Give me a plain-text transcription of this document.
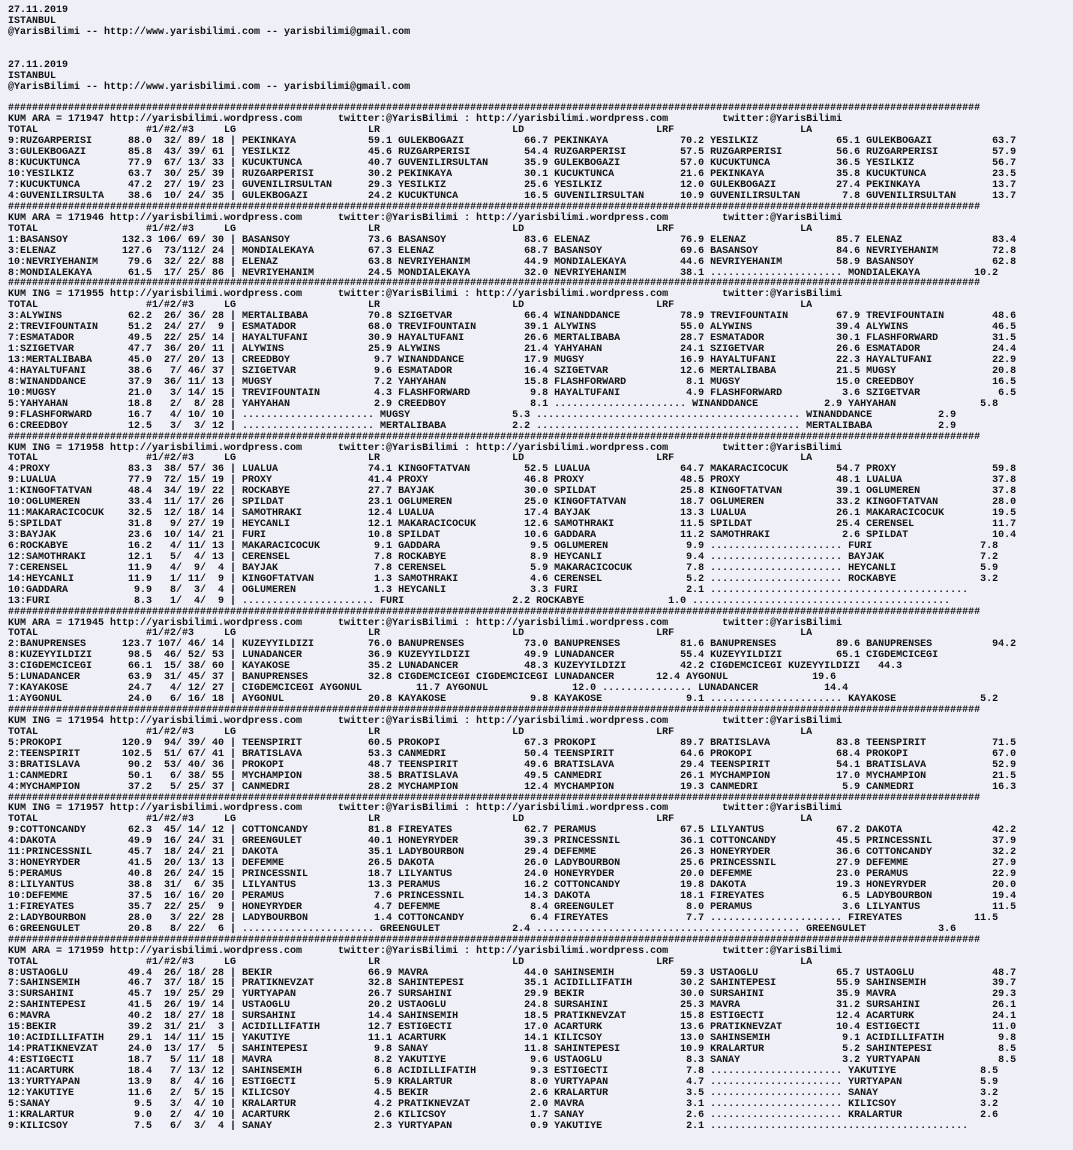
27.11.2019
ISTANBUL
@YarisBilimi -- http://www.yarisbilimi.com -- yarisbilimi@gmail.com
27.11.2019
ISTANBUL
@YarisBilimi -- http://www.yarisbilimi.com -- yarisbilimi@gmail.com
##################################################################################################################################################################
KUM ARA = 171947 http://yarisbilimi.wordpress.com      twitter:@YarisBilimi : http://yarisbilimi.wordpress.com         twitter:@YarisBilimi
TOTAL                  #1/#2/#3     LG                      LR                      LD                      LRF                     LA
9:RUZGARPERISI      88.0  32/ 89/ 18 | PEKINKAYA            59.1 GULEKBOGAZI          66.7 PEKINKAYA            70.2 YESILKIZ             65.1 GULEKBOGAZI          63.7
3:GULEKBOGAZI       85.8  43/ 39/ 61 | YESILKIZ             45.6 RUZGARPERISI         54.4 RUZGARPERISI         57.5 RUZGARPERISI         56.6 RUZGARPERISI         57.9
8:KUCUKTUNCA        77.9  67/ 13/ 33 | KUCUKTUNCA           40.7 GUVENILIRSULTAN      35.9 GULEKBOGAZI          57.0 KUCUKTUNCA           36.5 YESILKIZ             56.7
10:YESILKIZ         63.7  30/ 25/ 39 | RUZGARPERISI         30.2 PEKINKAYA            30.1 KUCUKTUNCA           21.6 PEKINKAYA            35.8 KUCUKTUNCA           23.5
7:KUCUKTUNCA        47.2  27/ 19/ 23 | GUVENILIRSULTAN      29.3 YESILKIZ             25.6 YESILKIZ             12.0 GULEKBOGAZI          27.4 PEKINKAYA            13.7
4:GUVENILIRSULTA    38.6  10/ 24/ 35 | GULEKBOGAZI          24.2 KUCUKTUNCA           16.5 GUVENILIRSULTAN      10.9 GUVENILIRSULTAN       7.8 GUVENILIRSULTAN      13.7
##################################################################################################################################################################
KUM ARA = 171946 http://yarisbilimi.wordpress.com      twitter:@YarisBilimi : http://yarisbilimi.wordpress.com         twitter:@YarisBilimi
TOTAL                  #1/#2/#3     LG                      LR                      LD                      LRF                     LA
1:BASANSOY         132.3 106/ 69/ 30 | BASANSOY             73.6 BASANSOY             83.6 ELENAZ               76.9 ELENAZ               85.7 ELENAZ               83.4
3:ELENAZ           127.6  73/112/ 24 | MONDIALEKAYA         67.3 ELENAZ               68.7 BASANSOY             69.6 BASANSOY             84.6 NEVRIYEHANIM         72.8
10:NEVRIYEHANIM     79.6  32/ 22/ 88 | ELENAZ               63.8 NEVRIYEHANIM         44.9 MONDIALEKAYA         44.6 NEVRIYEHANIM         58.9 BASANSOY             62.8
8:MONDIALEKAYA      61.5  17/ 25/ 86 | NEVRIYEHANIM         24.5 MONDIALEKAYA         32.0 NEVRIYEHANIM         38.1 ...................... MONDIALEKAYA         10.2
##################################################################################################################################################################
KUM ING = 171955 http://yarisbilimi.wordpress.com      twitter:@YarisBilimi : http://yarisbilimi.wordpress.com         twitter:@YarisBilimi
TOTAL                  #1/#2/#3     LG                      LR                      LD                      LRF                     LA
3:ALYWINS           62.2  26/ 36/ 28 | MERTALIBABA          70.8 SZIGETVAR            66.4 WINANDDANCE          78.9 TREVIFOUNTAIN        67.9 TREVIFOUNTAIN        48.6
2:TREVIFOUNTAIN     51.2  24/ 27/  9 | ESMATADOR            68.0 TREVIFOUNTAIN        39.1 ALYWINS              55.0 ALYWINS              39.4 ALYWINS              46.5
7:ESMATADOR         49.5  22/ 25/ 14 | HAYALTUFANI          30.9 HAYALTUFANI          26.6 MERTALIBABA          28.7 ESMATADOR            30.1 FLASHFORWARD         31.5
1:SZIGETVAR         47.7  36/ 20/ 11 | ALYWINS              25.9 ALYWINS              21.4 YAHYAHAN             24.1 SZIGETVAR            26.6 ESMATADOR            24.4
13:MERTALIBABA      45.0  27/ 20/ 13 | CREEDBOY              9.7 WINANDDANCE          17.9 MUGSY                16.9 HAYALTUFANI          22.3 HAYALTUFANI          22.9
4:HAYALTUFANI       38.6   7/ 46/ 37 | SZIGETVAR             9.6 ESMATADOR            16.4 SZIGETVAR            12.6 MERTALIBABA          21.5 MUGSY                20.8
8:WINANDDANCE       37.9  36/ 11/ 13 | MUGSY                 7.2 YAHYAHAN             15.8 FLASHFORWARD          8.1 MUGSY                15.0 CREEDBOY             16.5
10:MUGSY            21.0   3/ 14/ 15 | TREVIFOUNTAIN         4.3 FLASHFORWARD          9.8 HAYALTUFANI           4.9 FLASHFORWARD          3.6 SZIGETVAR             6.5
5:YAHYAHAN          18.8   2/  8/ 28 | YAHYAHAN              2.9 CREEDBOY              8.1 ...................... WINANDDANCE           2.9 YAHYAHAN              5.8
9:FLASHFORWARD      16.7   4/ 10/ 10 | ...................... MUGSY                 5.3 ............................................ WINANDDANCE           2.9
6:CREEDBOY          12.5   3/  3/ 12 | ...................... MERTALIBABA           2.2 ............................................ MERTALIBABA           2.9
##################################################################################################################################################################
KUM ING = 171958 http://yarisbilimi.wordpress.com      twitter:@YarisBilimi : http://yarisbilimi.wordpress.com         twitter:@YarisBilimi
TOTAL                  #1/#2/#3     LG                      LR                      LD                      LRF                     LA
4:PROXY             83.3  38/ 57/ 36 | LUALUA               74.1 KINGOFTATVAN         52.5 LUALUA               64.7 MAKARACICOCUK        54.7 PROXY                59.8
9:LUALUA            77.9  72/ 15/ 19 | PROXY                41.4 PROXY                46.8 PROXY                48.5 PROXY                48.1 LUALUA               37.8
1:KINGOFTATVAN      48.4  34/ 19/ 22 | ROCKABYE             27.7 BAYJAK               30.0 SPILDAT              25.8 KINGOFTATVAN         39.1 OGLUMEREN            37.8
10:OGLUMEREN        33.4  11/ 17/ 26 | SPILDAT              23.1 OGLUMEREN            25.0 KINGOFTATVAN         18.7 OGLUMEREN            33.2 KINGOFTATVAN         28.0
11:MAKARACICOCUK    32.5  12/ 18/ 14 | SAMOTHRAKI           12.4 LUALUA               17.4 BAYJAK               13.3 LUALUA               26.1 MAKARACICOCUK        19.5
5:SPILDAT           31.8   9/ 27/ 19 | HEYCANLI             12.1 MAKARACICOCUK        12.6 SAMOTHRAKI           11.5 SPILDAT              25.4 CERENSEL             11.7
3:BAYJAK            23.6  10/ 14/ 21 | FURI                 10.8 SPILDAT              10.6 GADDARA              11.2 SAMOTHRAKI            2.6 SPILDAT              10.4
6:ROCKABYE          16.2   4/ 11/ 13 | MAKARACICOCUK         9.1 GADDARA               9.5 OGLUMEREN             9.9 ...................... FURI                  7.8
12:SAMOTHRAKI       12.1   5/  4/ 13 | CERENSEL              7.8 ROCKABYE              8.9 HEYCANLI              9.4 ...................... BAYJAK                7.2
7:CERENSEL          11.9   4/  9/  4 | BAYJAK                7.8 CERENSEL              5.9 MAKARACICOCUK         7.8 ...................... HEYCANLI              5.9
14:HEYCANLI         11.9   1/ 11/  9 | KINGOFTATVAN          1.3 SAMOTHRAKI            4.6 CERENSEL              5.2 ...................... ROCKABYE              3.2
10:GADDARA           9.9   8/  3/  4 | OGLUMEREN             1.3 HEYCANLI              3.3 FURI                  2.1 ...........................................
13:FURI              8.3   1/  4/  9 | ...................... FURI                  2.2 ROCKABYE              1.0 ...........................................
##################################################################################################################################################################
KUM ARA = 171945 http://yarisbilimi.wordpress.com      twitter:@YarisBilimi : http://yarisbilimi.wordpress.com         twitter:@YarisBilimi
TOTAL                  #1/#2/#3     LG                      LR                      LD                      LRF                     LA
2:BANUPRENSES      123.7 107/ 46/ 14 | KUZEYYILDIZI         76.0 BANUPRENSES          73.0 BANUPRENSES          81.6 BANUPRENSES          89.6 BANUPRENSES          94.2
8:KUZEYYILDIZI      98.5  46/ 52/ 53 | LUNADANCER           36.9 KUZEYYILDIZI         49.9 LUNADANCER           55.4 KUZEYYILDIZI         65.1 CIGDEMCICEGI
3:CIGDEMCICEGI      66.1  15/ 38/ 60 | KAYAKOSE             35.2 LUNADANCER           48.3 KUZEYYILDIZI         42.2 CIGDEMCICEGI KUZEYYILDIZI   44.3
5:LUNADANCER        63.9  31/ 45/ 37 | BANUPRENSES          32.8 CIGDEMCICEGI CIGDEMCICEGI LUNADANCER       12.4 AYGONUL              19.6
7:KAYAKOSE          24.7   4/ 12/ 27 | CIGDEMCICEGI AYGONUL         11.7 AYGONUL              12.0 ............... LUNADANCER           14.4
1:AYGONUL           24.0   6/ 16/ 18 | AYGONUL              20.8 KAYAKOSE              9.8 KAYAKOSE              9.1 ...................... KAYAKOSE              5.2
##################################################################################################################################################################
KUM ING = 171954 http://yarisbilimi.wordpress.com      twitter:@YarisBilimi : http://yarisbilimi.wordpress.com         twitter:@YarisBilimi
TOTAL                  #1/#2/#3     LG                      LR                      LD                      LRF                     LA
5:PROKOPI          120.9  94/ 39/ 40 | TEENSPIRIT           60.5 PROKOPI              67.3 PROKOPI              89.7 BRATISLAVA           83.8 TEENSPIRIT           71.5
2:TEENSPIRIT       102.5  51/ 67/ 41 | BRATISLAVA           53.3 CANMEDRI             50.4 TEENSPIRIT           64.6 PROKOPI              68.4 PROKOPI              67.0
3:BRATISLAVA        90.2  53/ 40/ 36 | PROKOPI              48.7 TEENSPIRIT           49.6 BRATISLAVA           29.4 TEENSPIRIT           54.1 BRATISLAVA           52.9
1:CANMEDRI          50.1   6/ 38/ 55 | MYCHAMPION           38.5 BRATISLAVA           49.5 CANMEDRI             26.1 MYCHAMPION           17.0 MYCHAMPION           21.5
4:MYCHAMPION        37.2   5/ 25/ 37 | CANMEDRI             28.2 MYCHAMPION           12.4 MYCHAMPION           19.3 CANMEDRI              5.9 CANMEDRI             16.3
##################################################################################################################################################################
KUM ING = 171957 http://yarisbilimi.wordpress.com      twitter:@YarisBilimi : http://yarisbilimi.wordpress.com         twitter:@YarisBilimi
TOTAL                  #1/#2/#3     LG                      LR                      LD                      LRF                     LA
9:COTTONCANDY       62.3  45/ 14/ 12 | COTTONCANDY          81.8 FIREYATES            62.7 PERAMUS              67.5 LILYANTUS            67.2 DAKOTA               42.2
4:DAKOTA            49.9  16/ 24/ 31 | GREENGULET           40.1 HONEYRYDER           39.3 PRINCESSNIL          36.1 COTTONCANDY          45.5 PRINCESSNIL          37.9
11:PRINCESSNIL      45.7  18/ 24/ 21 | DAKOTA               35.1 LADYBOURBON          29.4 DEFEMME              26.3 HONEYRYDER           36.6 COTTONCANDY          32.2
3:HONEYRYDER        41.5  20/ 13/ 13 | DEFEMME              26.5 DAKOTA               26.0 LADYBOURBON          25.6 PRINCESSNIL          27.9 DEFEMME              27.9
5:PERAMUS           40.8  26/ 24/ 15 | PRINCESSNIL          18.7 LILYANTUS            24.0 HONEYRYDER           20.0 DEFEMME              23.0 PERAMUS              22.9
8:LILYANTUS         38.8  31/  6/ 35 | LILYANTUS            13.3 PERAMUS              16.2 COTTONCANDY          19.8 DAKOTA               19.3 HONEYRYDER           20.0
10:DEFEMME          37.5  16/ 16/ 20 | PERAMUS               7.6 PRINCESSNIL          14.3 DAKOTA               18.1 FIREYATES             6.5 LADYBOURBON          19.4
1:FIREYATES         35.7  22/ 25/  9 | HONEYRYDER            4.7 DEFEMME               8.4 GREENGULET            8.0 PERAMUS               3.6 LILYANTUS            11.5
2:LADYBOURBON       28.0   3/ 22/ 28 | LADYBOURBON           1.4 COTTONCANDY           6.4 FIREYATES             7.7 ...................... FIREYATES            11.5
6:GREENGULET        20.8   8/ 22/  6 | ...................... GREENGULET            2.4 ............................................ GREENGULET            3.6
##################################################################################################################################################################
KUM ARA = 171959 http://yarisbilimi.wordpress.com      twitter:@YarisBilimi : http://yarisbilimi.wordpress.com         twitter:@YarisBilimi
TOTAL                  #1/#2/#3     LG                      LR                      LD                      LRF                     LA
8:USTAOGLU          49.4  26/ 18/ 28 | BEKIR                66.9 MAVRA                44.0 SAHINSEMIH           59.3 USTAOGLU             65.7 USTAOGLU             48.7
7:SAHINSEMIH        46.7  37/ 18/ 15 | PRATIKNEVZAT         32.8 SAHINTEPESI          35.1 ACIDILLIFATIH        30.2 SAHINTEPESI          55.9 SAHINSEMIH           39.7
3:SURSAHINI         45.7  19/ 25/ 29 | YURTYAPAN            26.7 SURSAHINI            29.9 BEKIR                30.0 SURSAHINI            35.9 MAVRA                29.3
2:SAHINTEPESI       41.5  26/ 19/ 14 | USTAOGLU             20.2 USTAOGLU             24.8 SURSAHINI            25.3 MAVRA                31.2 SURSAHINI            26.1
6:MAVRA             40.2  18/ 27/ 18 | SURSAHINI            14.4 SAHINSEMIH           18.5 PRATIKNEVZAT         15.8 ESTIGECTI            12.4 ACARTURK             24.1
15:BEKIR            39.2  31/ 21/  3 | ACIDILLIFATIH        12.7 ESTIGECTI            17.0 ACARTURK             13.6 PRATIKNEVZAT         10.4 ESTIGECTI            11.0
10:ACIDILLIFATIH    29.1  14/ 11/ 15 | YAKUTIYE             11.1 ACARTURK             14.1 KILICSOY             13.0 SAHINSEMIH            9.1 ACIDILLIFATIH         9.8
14:PRATIKNEVZAT     24.0  13/ 17/  5 | SAHINTEPESI           9.8 SANAY                11.8 SAHINTEPESI          10.9 KRALARTUR             5.2 SAHINTEPESI           8.5
4:ESTIGECTI         18.7   5/ 11/ 18 | MAVRA                 8.2 YAKUTIYE              9.6 USTAOGLU              8.3 SANAY                 3.2 YURTYAPAN             8.5
11:ACARTURK         18.4   7/ 13/ 12 | SAHINSEMIH            6.8 ACIDILLIFATIH         9.3 ESTIGECTI             7.8 ...................... YAKUTIYE              8.5
13:YURTYAPAN        13.9   8/  4/ 16 | ESTIGECTI             5.9 KRALARTUR             8.0 YURTYAPAN             4.7 ...................... YURTYAPAN             5.9
12:YAKUTIYE         11.6   2/  5/ 15 | KILICSOY              4.5 BEKIR                 2.6 KRALARTUR             3.5 ...................... SANAY                 3.2
5:SANAY              9.5   3/  4/ 10 | KRALARTUR             4.2 PRATIKNEVZAT          2.0 MAVRA                 3.1 ...................... KILICSOY              3.2
1:KRALARTUR          9.0   2/  4/ 10 | ACARTURK              2.6 KILICSOY              1.7 SANAY                 2.6 ...................... KRALARTUR             2.6
9:KILICSOY           7.5   6/  3/  4 | SANAY                 2.3 YURTYAPAN             0.9 YAKUTIYE              2.1 ...........................................
